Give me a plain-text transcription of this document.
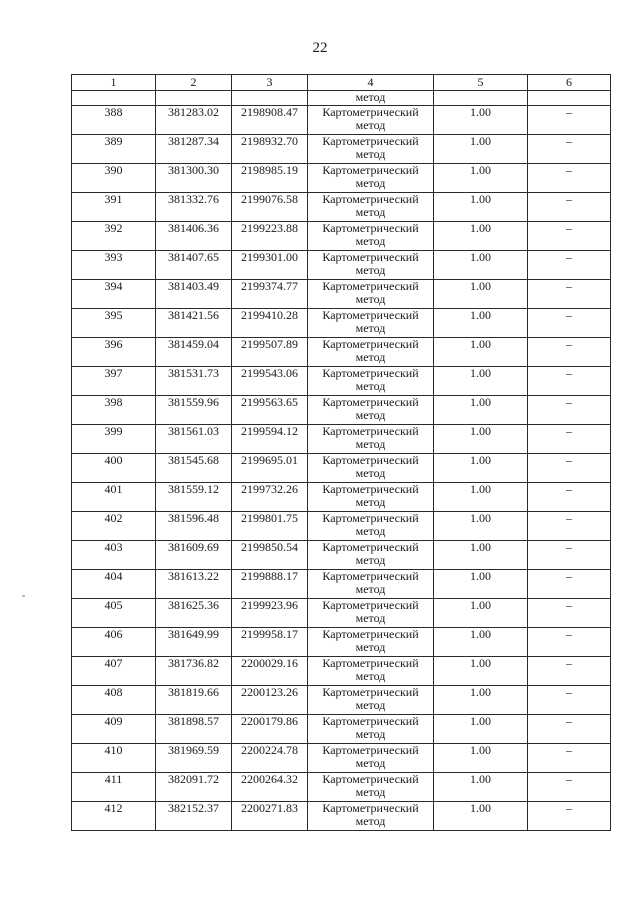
22
1	2	3	4	5	6
			метод		
388	381283.02	2198908.47	Картометрический
метод	1.00	–
389	381287.34	2198932.70	Картометрический
метод	1.00	–
390	381300.30	2198985.19	Картометрический
метод	1.00	–
391	381332.76	2199076.58	Картометрический
метод	1.00	–
392	381406.36	2199223.88	Картометрический
метод	1.00	–
393	381407.65	2199301.00	Картометрический
метод	1.00	–
394	381403.49	2199374.77	Картометрический
метод	1.00	–
395	381421.56	2199410.28	Картометрический
метод	1.00	–
396	381459.04	2199507.89	Картометрический
метод	1.00	–
397	381531.73	2199543.06	Картометрический
метод	1.00	–
398	381559.96	2199563.65	Картометрический
метод	1.00	–
399	381561.03	2199594.12	Картометрический
метод	1.00	–
400	381545.68	2199695.01	Картометрический
метод	1.00	–
401	381559.12	2199732.26	Картометрический
метод	1.00	–
402	381596.48	2199801.75	Картометрический
метод	1.00	–
403	381609.69	2199850.54	Картометрический
метод	1.00	–
404	381613.22	2199888.17	Картометрический
метод	1.00	–
405	381625.36	2199923.96	Картометрический
метод	1.00	–
406	381649.99	2199958.17	Картометрический
метод	1.00	–
407	381736.82	2200029.16	Картометрический
метод	1.00	–
408	381819.66	2200123.26	Картометрический
метод	1.00	–
409	381898.57	2200179.86	Картометрический
метод	1.00	–
410	381969.59	2200224.78	Картометрический
метод	1.00	–
411	382091.72	2200264.32	Картометрический
метод	1.00	–
412	382152.37	2200271.83	Картометрический
метод	1.00	–
